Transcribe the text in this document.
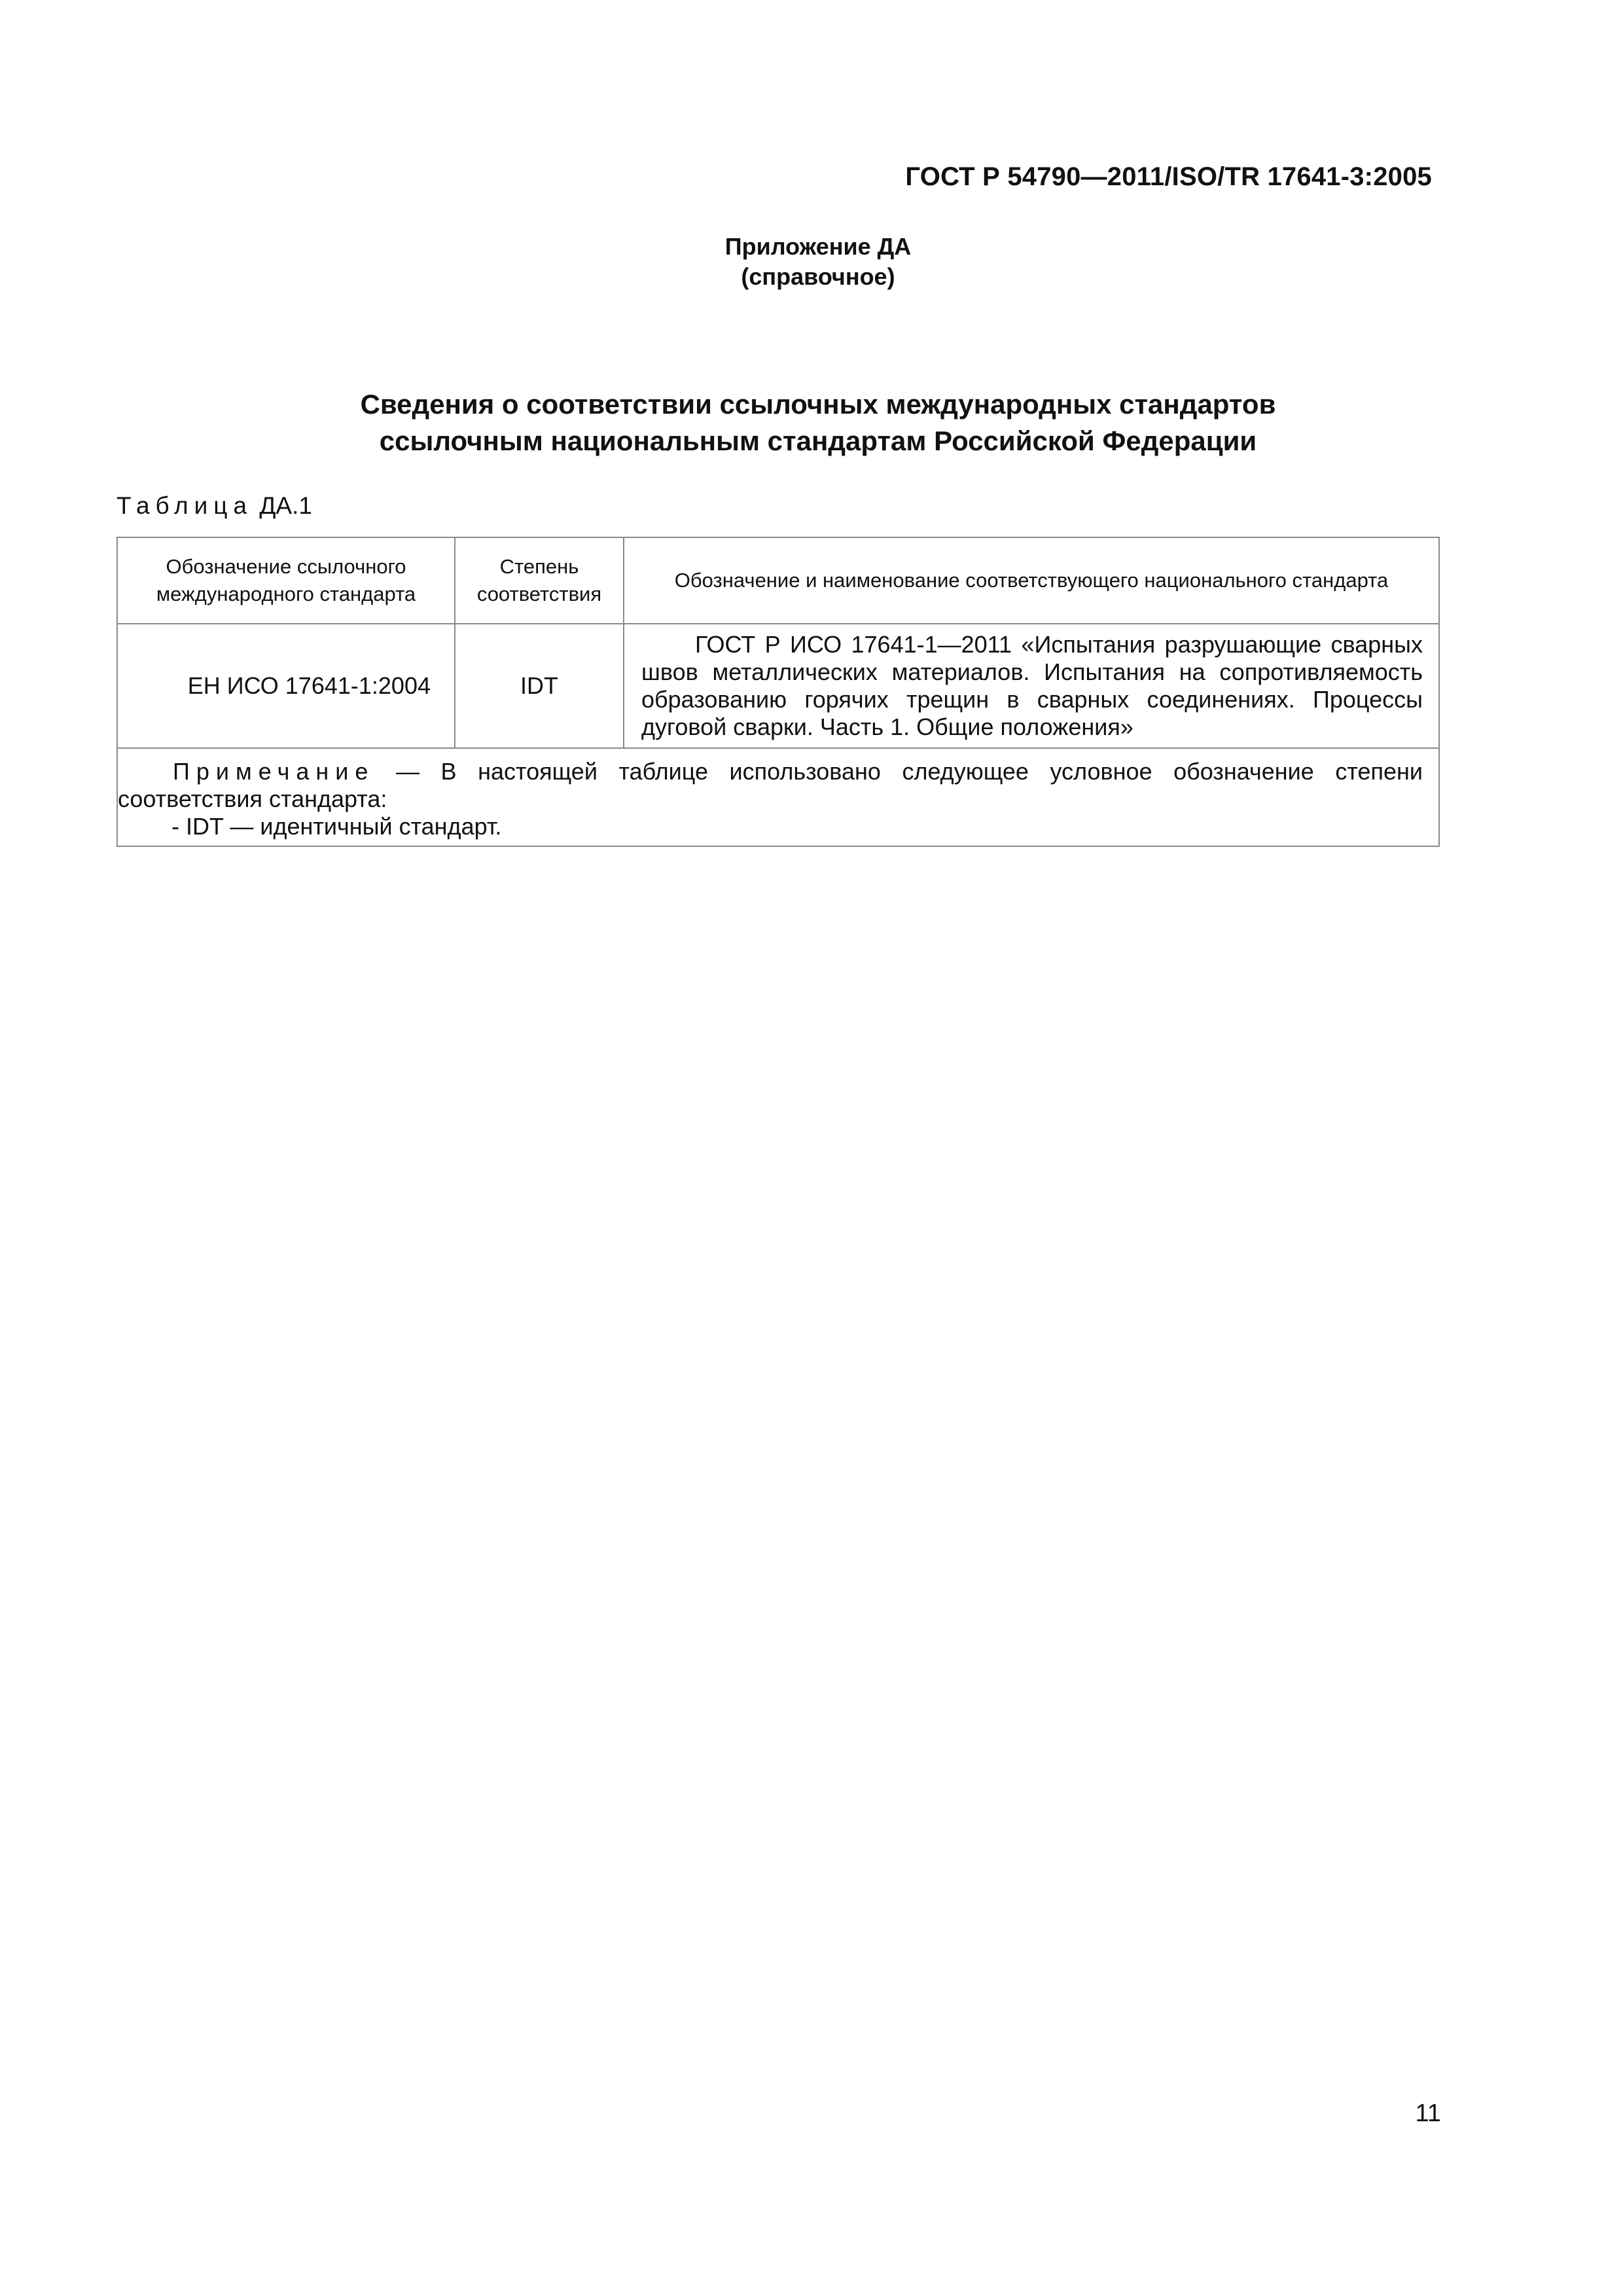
ГОСТ Р 54790—2011/ISO/TR 17641-3:2005
Приложение ДА
(справочное)
Сведения о соответствии ссылочных международных стандартов
ссылочным национальным стандартам Российской Федерации
Таблица ДА.1
Обозначение ссылочного международного стандарта	Степень соответствия	Обозначение и наименование соответствующего национального стандарта
ЕН ИСО 17641-1:2004	IDT	ГОСТ Р ИСО 17641-1—2011 «Испытания разрушающие сварных швов металлических материалов. Испытания на сопротивляемость образованию горячих трещин в сварных соединениях. Процессы дуговой сварки. Часть 1. Общие положения»

Примечание — В настоящей таблице использовано следующее условное обозначение степени соответствия стандарта:
- IDT — идентичный стандарт.		
11
